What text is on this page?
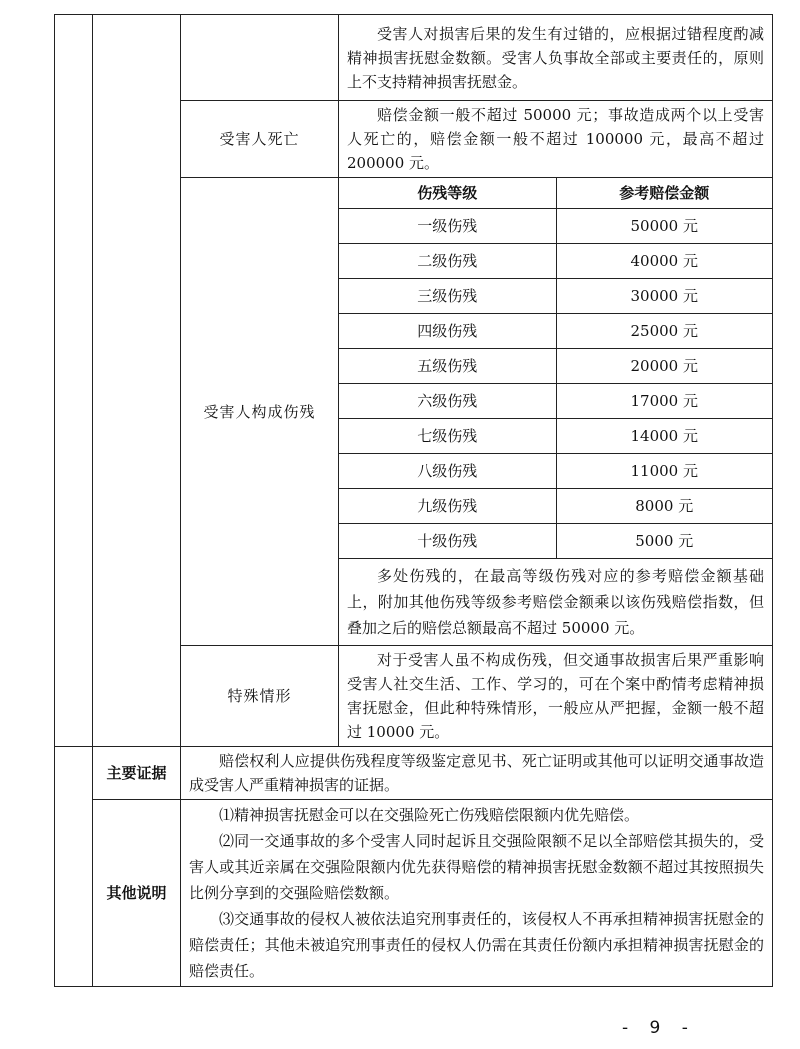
受害人对损害后果的发生有过错的，应根据过错程度酌减精神损害抚慰金数额。受害人负事故全部或主要责任的，原则上不支持精神损害抚慰金。

受害人死亡	
赔偿金额一般不超过 50000 元；事故造成两个以上受害人死亡的，赔偿金额一般不超过 100000 元，最高不超过 200000 元。

受害人构成伤残	
伤残等级	参考赔偿金额
一级伤残	50000 元
二级伤残	40000 元
三级伤残	30000 元
四级伤残	25000 元
五级伤残	20000 元
六级伤残	17000 元
七级伤残	14000 元
八级伤残	11000 元
九级伤残	8000 元
十级伤残	5000 元

多处伤残的，在最高等级伤残对应的参考赔偿金额基础上，附加其他伤残等级参考赔偿金额乘以该伤残赔偿指数，但叠加之后的赔偿总额最高不超过 50000 元。

特殊情形	
对于受害人虽不构成伤残，但交通事故损害后果严重影响受害人社交生活、工作、学习的，可在个案中酌情考虑精神损害抚慰金，但此种特殊情形，一般应从严把握，金额一般不超过 10000 元。

	主要证据	
赔偿权利人应提供伤残程度等级鉴定意见书、死亡证明或其他可以证明交通事故造成受害人严重精神损害的证据。

其他说明	
⑴精神损害抚慰金可以在交强险死亡伤残赔偿限额内优先赔偿。
⑵同一交通事故的多个受害人同时起诉且交强险限额不足以全部赔偿其损失的，受害人或其近亲属在交强险限额内优先获得赔偿的精神损害抚慰金数额不超过其按照损失比例分享到的交强险赔偿数额。
⑶交通事故的侵权人被依法追究刑事责任的，该侵权人不再承担精神损害抚慰金的赔偿责任；其他未被追究刑事责任的侵权人仍需在其责任份额内承担精神损害抚慰金的赔偿责任。
- 9 -
